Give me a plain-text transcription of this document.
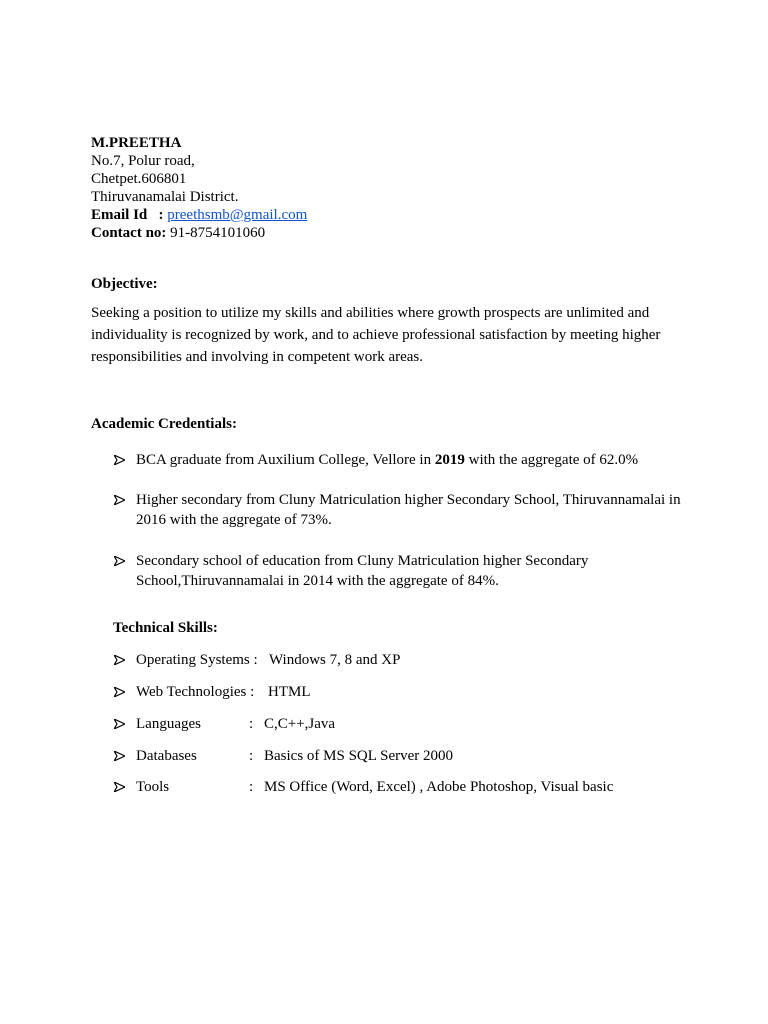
M.PREETHA
No.7, Polur road,
Chetpet.606801
Thiruvanamalai District.
Email Id   : preethsmb@gmail.com
Contact no: 91-8754101060
Objective:
Seeking a position to utilize my skills and abilities where growth prospects are unlimited and individuality is recognized by work, and to achieve professional satisfaction by meeting higher responsibilities and involving in competent work areas.
Academic Credentials:
BCA graduate from Auxilium College, Vellore in 2019 with the aggregate of 62.0%
Higher secondary from Cluny Matriculation higher Secondary School, Thiruvannamalai in 2016 with the aggregate of 73%.
Secondary school of education from Cluny Matriculation higher Secondary School,Thiruvannamalai in 2014 with the aggregate of 84%.
Technical Skills:
Operating Systems : Windows 7, 8 and XP
Web Technologies : HTML
Languages	: C,C++,Java
Databases	: Basics of MS SQL Server 2000
Tools	: MS Office (Word, Excel) , Adobe Photoshop, Visual basic
